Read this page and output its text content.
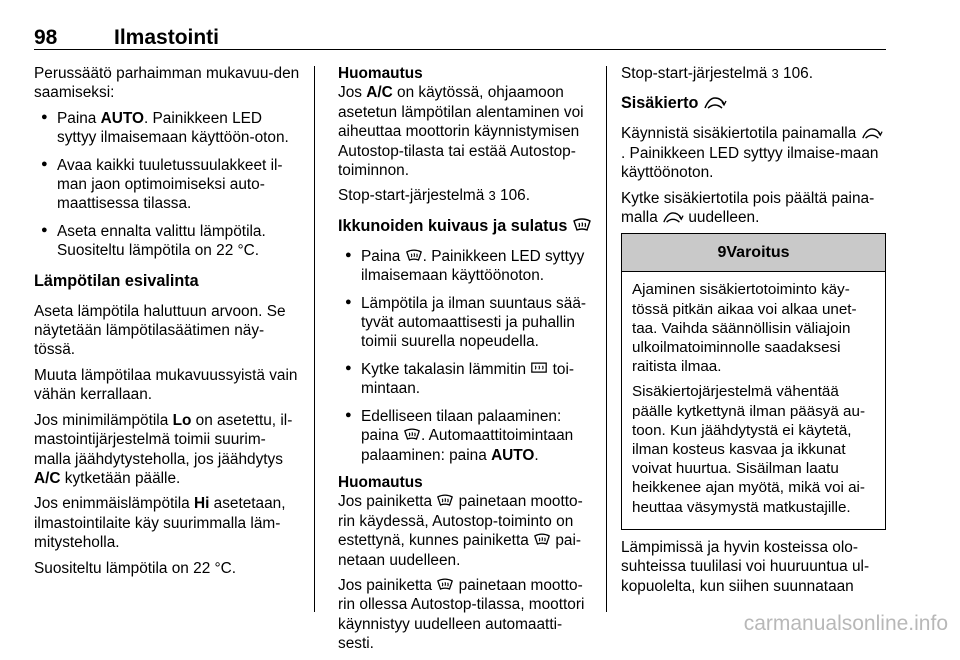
98	Ilmastointi

Perussäätö parhaimman mukavuu-den saamiseksi:

● Paina AUTO. Painikkeen LED syttyy ilmaisemaan käyttöön-oton.
● Avaa kaikki tuuletussuulakkeet il-man jaon optimoimiseksi auto-maattisessa tilassa.
● Aseta ennalta valittu lämpötila. Suositeltu lämpötila on 22 °C.
Lämpötilan esivalinta

Aseta lämpötila haluttuun arvoon. Se näytetään lämpötilasäätimen näy-tössä.

Muuta lämpötilaa mukavuussyistä vain vähän kerrallaan.

Jos minimilämpötila Lo on asetettu, il-mastointijärjestelmä toimii suurim-malla jäähdytysteholla, jos jäähdytys A/C kytketään päälle.

Jos enimmäislämpötila Hi asetetaan, ilmastointilaite käy suurimmalla läm-mitysteholla.

Suositeltu lämpötila on 22 °C.

Huomautus
Jos A/C on käytössä, ohjaamoon asetetun lämpötilan alentaminen voi aiheuttaa moottorin käynnistymisen Autostop-tilasta tai estää Autostop-toiminnon.

Stop-start-järjestelmä 3 106.

Ikkunoiden kuivaus ja sulatus
● Paina . Painikkeen LED syttyy ilmaisemaan käyttöönoton.
● Lämpötila ja ilman suuntaus sää-tyvät automaattisesti ja puhallin toimii suurella nopeudella.
● Kytke takalasin lämmitin  toi-mintaan.
● Edelliseen tilaan palaaminen: paina . Automaattitoimintaan palaaminen: paina AUTO.

Huomautus
Jos painiketta  painetaan mootto-rin käydessä, Autostop-toiminto on estettynä, kunnes painiketta  pai-netaan uudelleen.

Jos painiketta  painetaan mootto-rin ollessa Autostop-tilassa, moottori käynnistyy uudelleen automaatti-sesti.

Stop-start-järjestelmä 3 106.

Sisäkierto

Käynnistä sisäkiertotila painamalla . Painikkeen LED syttyy ilmaise-maan käyttöönoton.

Kytke sisäkiertotila pois päältä paina-malla  uudelleen.

9Varoitus

Ajaminen sisäkiertotoiminto käy-tössä pitkän aikaa voi alkaa unet-taa. Vaihda säännöllisin väliajoin ulkoilmatoiminnolle saadaksesi raitista ilmaa.

Sisäkiertojärjestelmä vähentää päälle kytkettynä ilman pääsyä au-toon. Kun jäähdytystä ei käytetä, ilman kosteus kasvaa ja ikkunat voivat huurtua. Sisäilman laatu heikkenee ajan myötä, mikä voi ai-heuttaa väsymystä matkustajille.

Lämpimissä ja hyvin kosteissa olo-suhteissa tuulilasi voi huuruuntua ul-kopuolelta, kun siihen suunnataan

carmanualsonline.info
